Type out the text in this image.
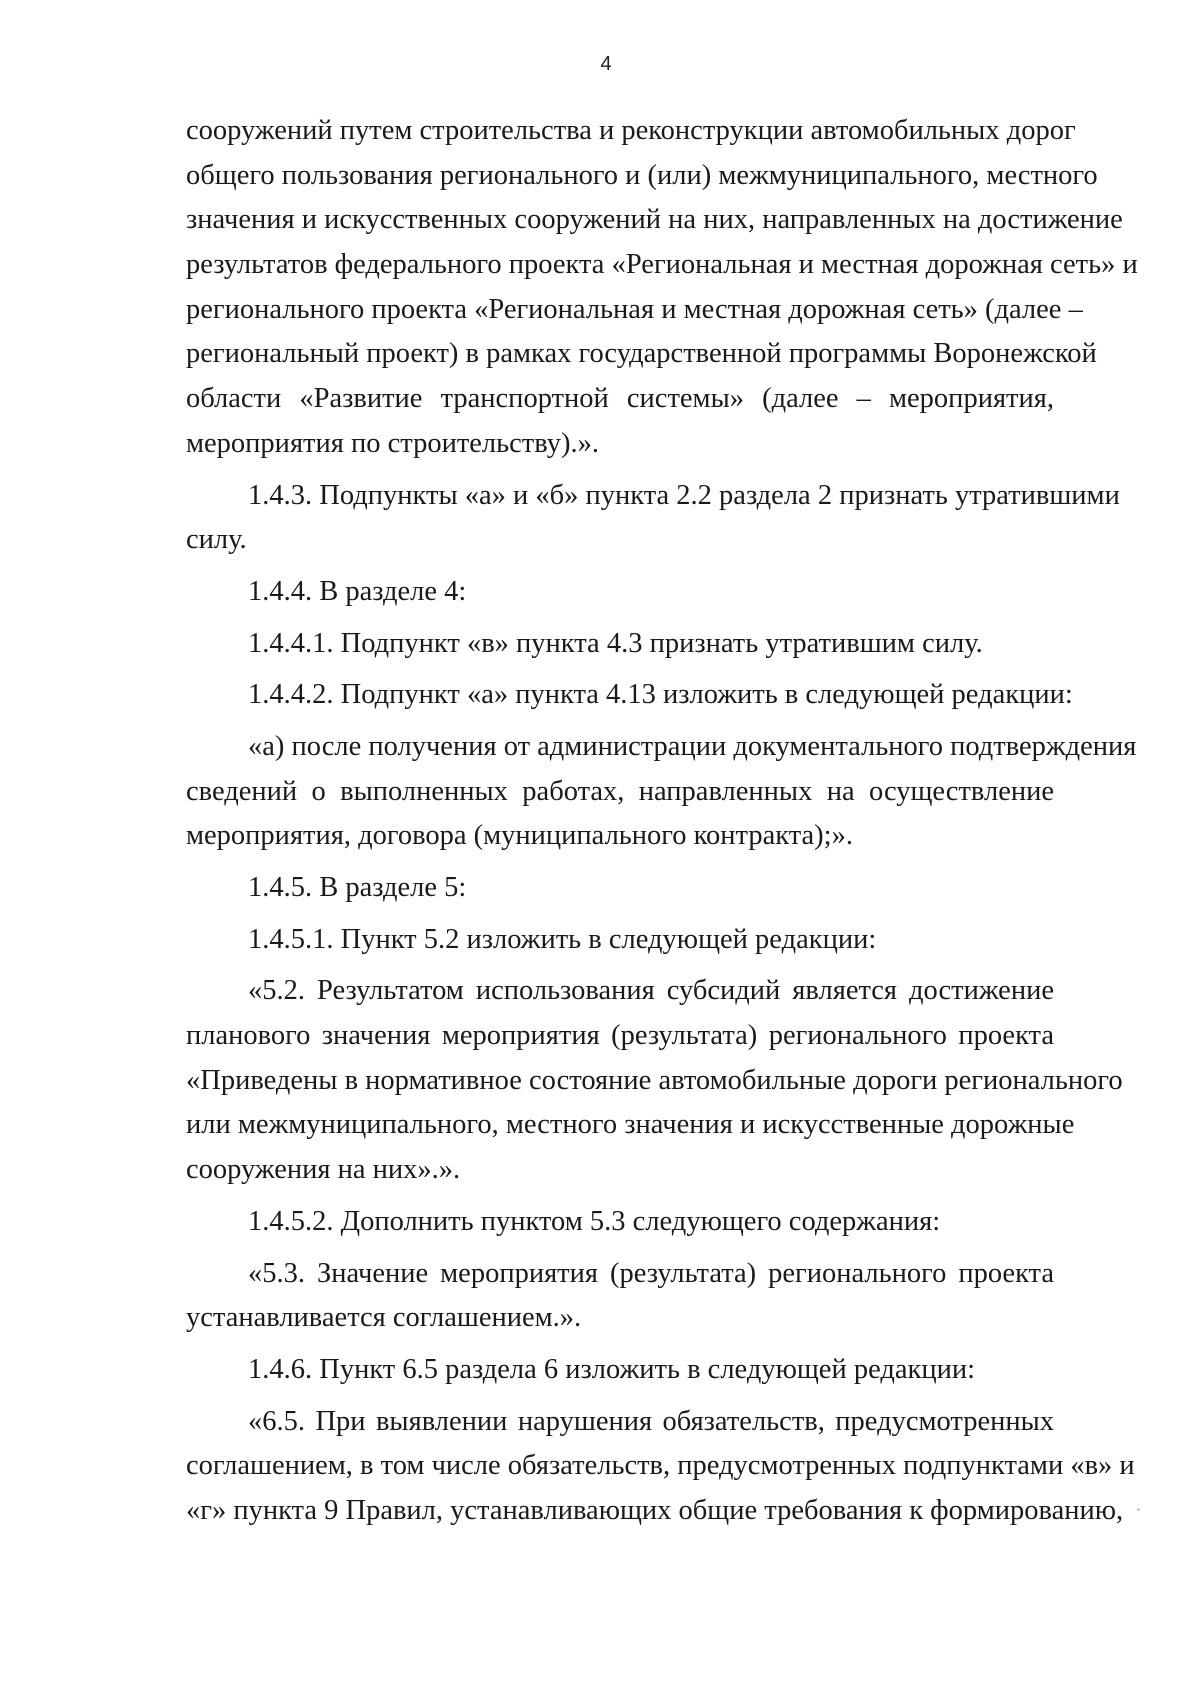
4
сооружений путем строительства и реконструкции автомобильных дорог
общего пользования регионального и (или) межмуниципального, местного
значения и искусственных сооружений на них, направленных на достижение
результатов федерального проекта «Региональная и местная дорожная сеть» и
регионального проекта «Региональная и местная дорожная сеть» (далее –
региональный проект) в рамках государственной программы Воронежской
области «Развитие транспортной системы» (далее – мероприятия,
мероприятия по строительству).».
1.4.3. Подпункты «а» и «б» пункта 2.2 раздела 2 признать утратившими
силу.
1.4.4. В разделе 4:
1.4.4.1. Подпункт «в» пункта 4.3 признать утратившим силу.
1.4.4.2. Подпункт «а» пункта 4.13 изложить в следующей редакции:
«а) после получения от администрации документального подтверждения
сведений о выполненных работах, направленных на осуществление
мероприятия, договора (муниципального контракта);».
1.4.5. В разделе 5:
1.4.5.1. Пункт 5.2 изложить в следующей редакции:
«5.2. Результатом использования субсидий является достижение
планового значения мероприятия (результата) регионального проекта
«Приведены в нормативное состояние автомобильные дороги регионального
или межмуниципального, местного значения и искусственные дорожные
сооружения на них».».
1.4.5.2. Дополнить пунктом 5.3 следующего содержания:
«5.3. Значение мероприятия (результата) регионального проекта
устанавливается соглашением.».
1.4.6. Пункт 6.5 раздела 6 изложить в следующей редакции:
«6.5. При выявлении нарушения обязательств, предусмотренных
соглашением, в том числе обязательств, предусмотренных подпунктами «в» и
«г» пункта 9 Правил, устанавливающих общие требования к формированию,
